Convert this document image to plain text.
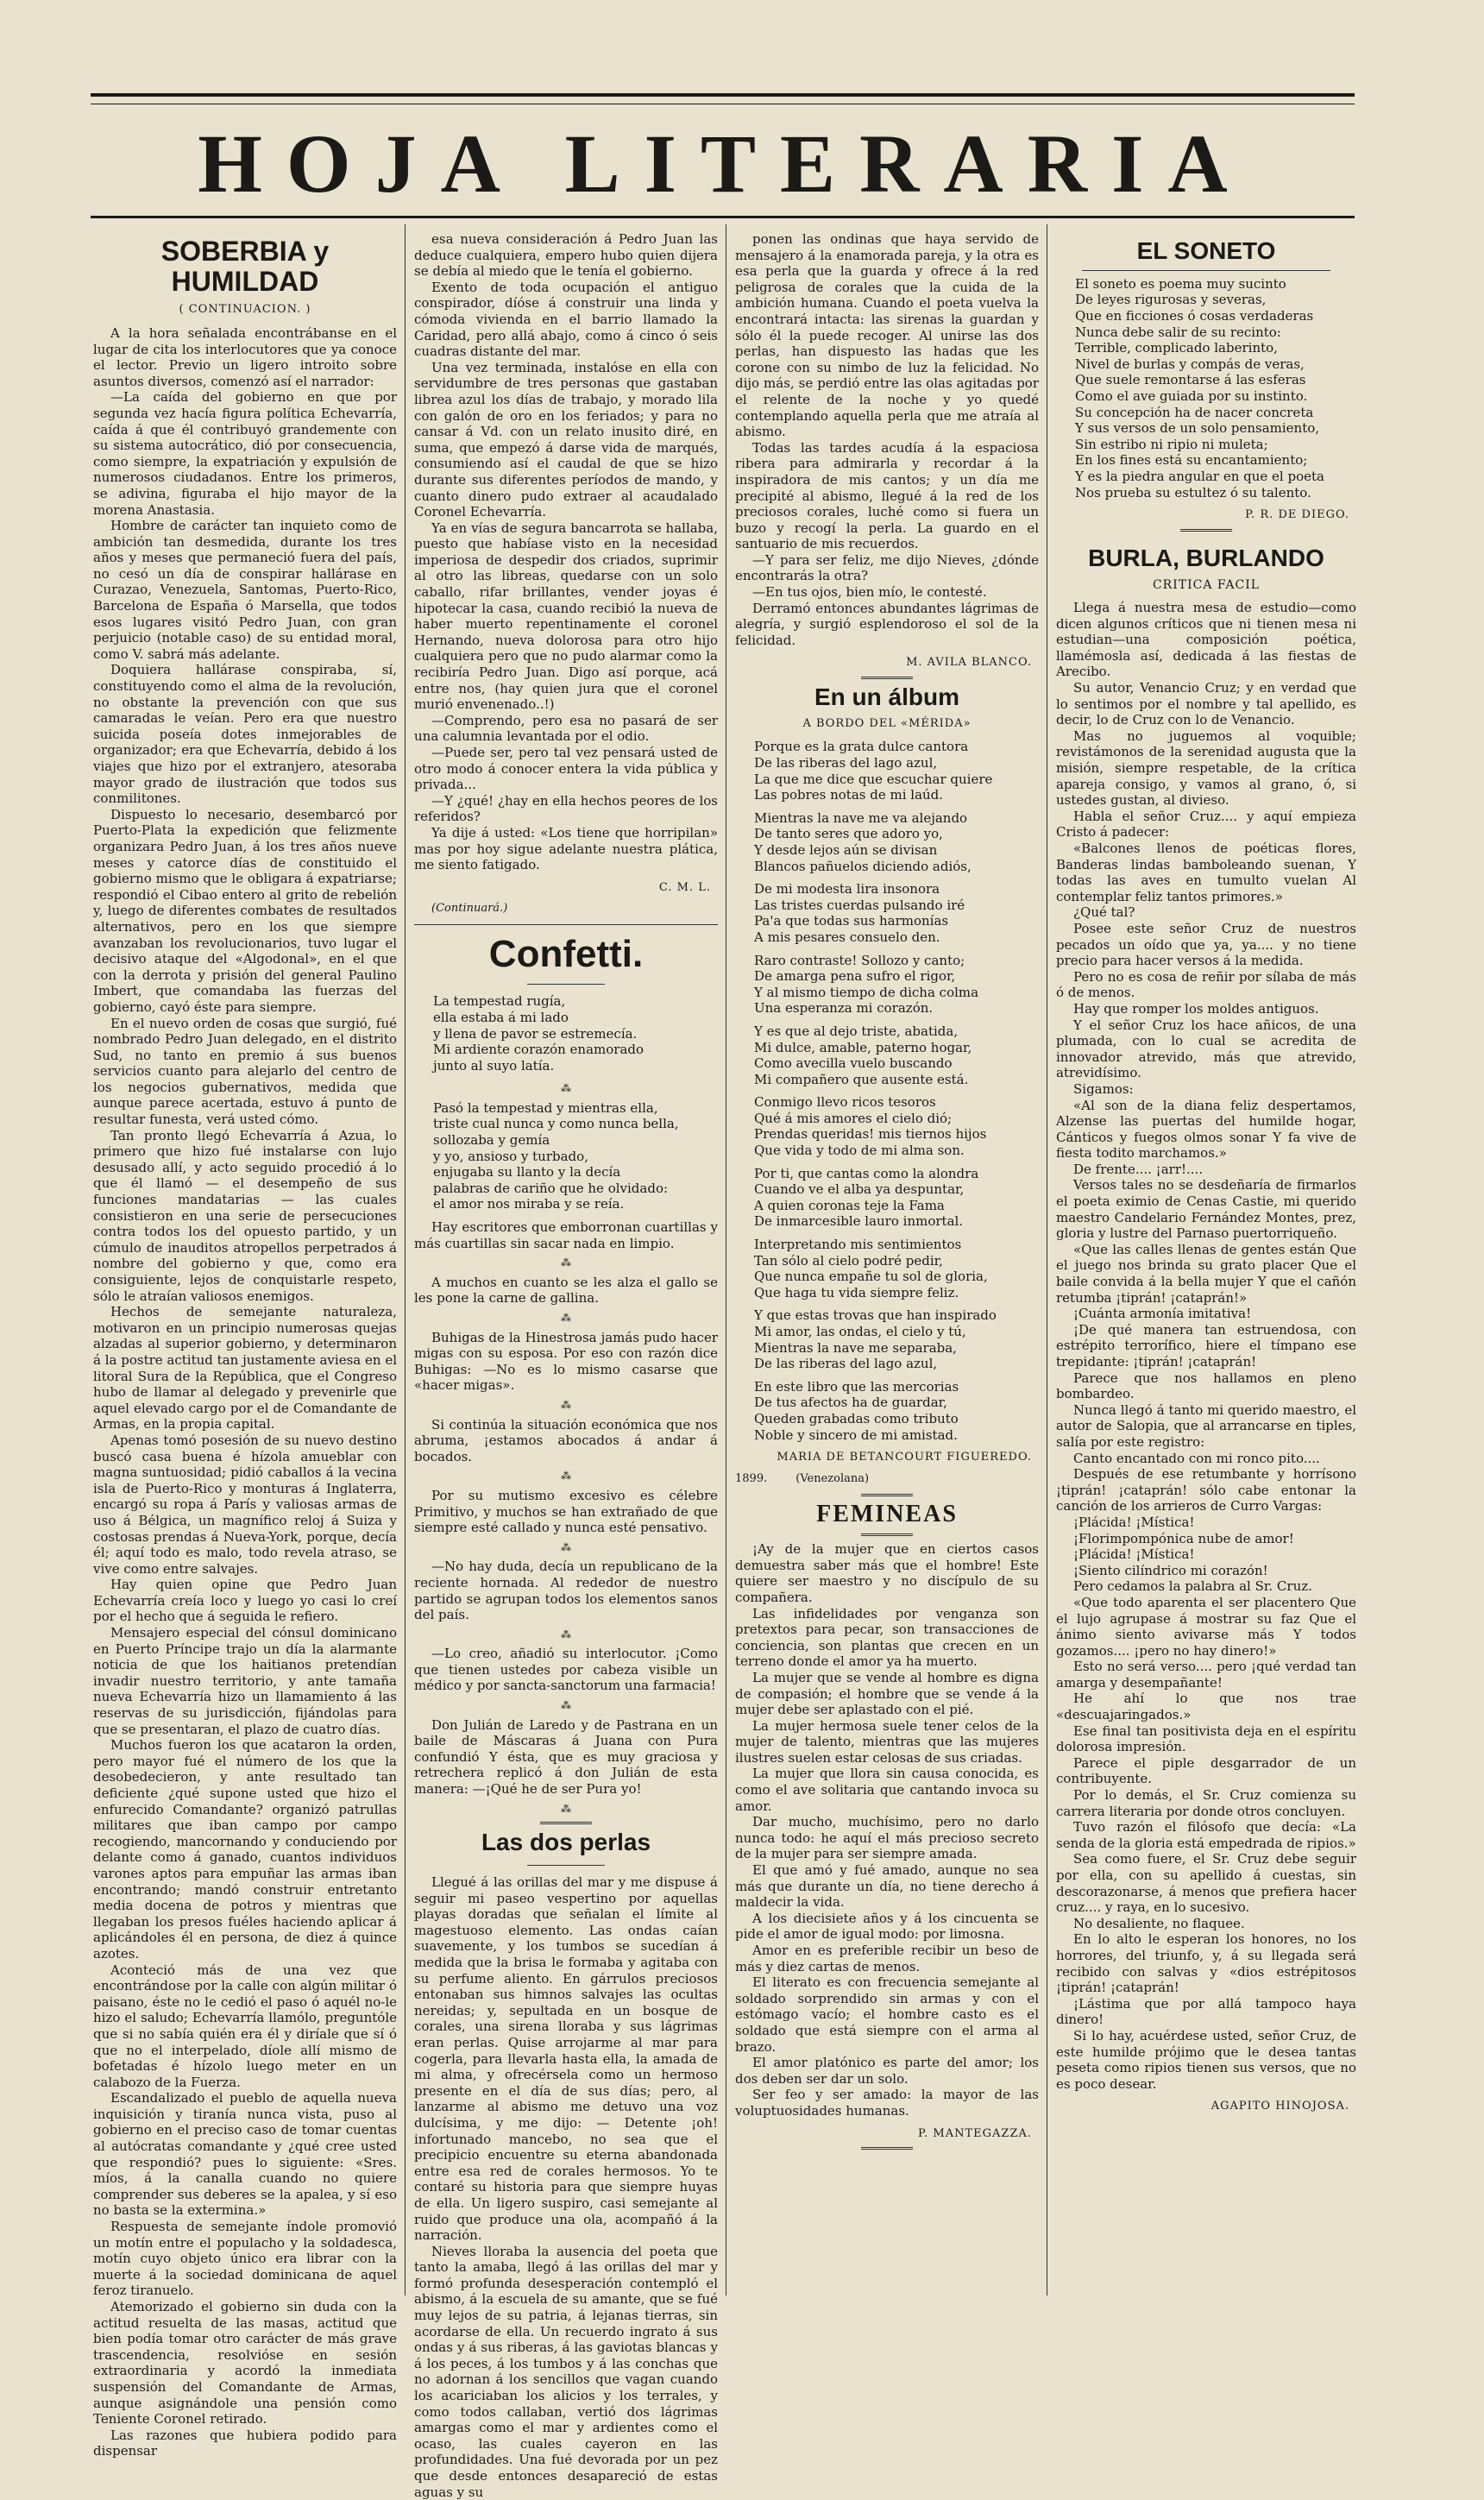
HOJA LITERARIA
SOBERBIA y HUMILDAD
( CONTINUACION. )

A la hora señalada encontrábanse en el lugar de cita los interlocutores que ya conoce el lector. Previo un ligero introito sobre asuntos diversos, comenzó así el narrador:

—La caída del gobierno en que por segunda vez hacía figura política Echevarría, caída á que él contribuyó grandemente con su sistema autocrático, dió por consecuencia, como siempre, la expatriación y expulsión de numerosos ciudadanos. Entre los primeros, se adivina, figuraba el hijo mayor de la morena Anastasia.

Hombre de carácter tan inquieto como de ambición tan desmedida, durante los tres años y meses que permaneció fuera del país, no cesó un día de conspirar hallárase en Curazao, Venezuela, Santomas, Puerto-Rico, Barcelona de España ó Marsella, que todos esos lugares visitó Pedro Juan, con gran perjuicio (notable caso) de su entidad moral, como V. sabrá más adelante.

Doquiera hallárase conspiraba, sí, constituyendo como el alma de la revolución, no obstante la prevención con que sus camaradas le veían. Pero era que nuestro suicida poseía dotes inmejorables de organizador; era que Echevarría, debido á los viajes que hizo por el extranjero, atesoraba mayor grado de ilustración que todos sus conmilitones.

Dispuesto lo necesario, desembarcó por Puerto-Plata la expedición que felizmente organizara Pedro Juan, á los tres años nueve meses y catorce días de constituido el gobierno mismo que le obligara á expatriarse; respondió el Cibao entero al grito de rebelión y, luego de diferentes combates de resultados alternativos, pero en los que siempre avanzaban los revolucionarios, tuvo lugar el decisivo ataque del «Algodonal», en el que con la derrota y prisión del general Paulino Imbert, que comandaba las fuerzas del gobierno, cayó éste para siempre.

En el nuevo orden de cosas que surgió, fué nombrado Pedro Juan delegado, en el distrito Sud, no tanto en premio á sus buenos servicios cuanto para alejarlo del centro de los negocios gubernativos, medida que aunque parece acertada, estuvo á punto de resultar funesta, verá usted cómo.

Tan pronto llegó Echevarría á Azua, lo primero que hizo fué instalarse con lujo desusado allí, y acto seguido procedió á lo que él llamó — el desempeño de sus funciones mandatarias — las cuales consistieron en una serie de persecuciones contra todos los del opuesto partido, y un cúmulo de inauditos atropellos perpetrados á nombre del gobierno y que, como era consiguiente, lejos de conquistarle respeto, sólo le atraían valiosos enemigos.

Hechos de semejante naturaleza, motivaron en un principio numerosas quejas alzadas al superior gobierno, y determinaron á la postre actitud tan justamente aviesa en el litoral Sura de la República, que el Congreso hubo de llamar al delegado y prevenirle que aquel elevado cargo por el de Comandante de Armas, en la propia capital.

Apenas tomó posesión de su nuevo destino buscó casa buena é hízola amueblar con magna suntuosidad; pidió caballos á la vecina isla de Puerto-Rico y monturas á Inglaterra, encargó su ropa á París y valiosas armas de uso á Bélgica, un magnífico reloj á Suiza y costosas prendas á Nueva-York, porque, decía él; aquí todo es malo, todo revela atraso, se vive como entre salvajes.

Hay quien opine que Pedro Juan Echevarría creía loco y luego yo casi lo creí por el hecho que á seguida le refiero.

Mensajero especial del cónsul dominicano en Puerto Príncipe trajo un día la alarmante noticia de que los haitianos pretendían invadir nuestro territorio, y ante tamaña nueva Echevarría hizo un llamamiento á las reservas de su jurisdicción, fijándolas para que se presentaran, el plazo de cuatro días.

Muchos fueron los que acataron la orden, pero mayor fué el número de los que la desobedecieron, y ante resultado tan deficiente ¿qué supone usted que hizo el enfurecido Comandante? organizó patrullas militares que iban campo por campo recogiendo, mancornando y conduciendo por delante como á ganado, cuantos individuos varones aptos para empuñar las armas iban encontrando; mandó construir entretanto media docena de potros y mientras que llegaban los presos fuéles haciendo aplicar á aplicándoles él en persona, de diez á quince azotes.

Aconteció más de una vez que encontrándose por la calle con algún militar ó paisano, éste no le cedió el paso ó aquél no-le hizo el saludo; Echevarría llamólo, preguntóle que si no sabía quién era él y diríale que sí ó que no el interpelado, díole allí mismo de bofetadas é hízolo luego meter en un calabozo de la Fuerza.

Escandalizado el pueblo de aquella nueva inquisición y tiranía nunca vista, puso al gobierno en el preciso caso de tomar cuentas al autócratas comandante y ¿qué cree usted que respondió? pues lo siguiente: «Sres. míos, á la canalla cuando no quiere comprender sus deberes se la apalea, y sí eso no basta se la extermina.»

Respuesta de semejante índole promovió un motín entre el populacho y la soldadesca, motín cuyo objeto único era librar con la muerte á la sociedad dominicana de aquel feroz tiranuelo.

Atemorizado el gobierno sin duda con la actitud resuelta de las masas, actitud que bien podía tomar otro carácter de más grave trascendencia, resolvióse en sesión extraordinaria y acordó la inmediata suspensión del Comandante de Armas, aunque asignándole una pensión como Teniente Coronel retirado.

Las razones que hubiera podido para dispensar

esa nueva consideración á Pedro Juan las deduce cualquiera, empero hubo quien dijera se debía al miedo que le tenía el gobierno.

Exento de toda ocupación el antiguo conspirador, díóse á construir una linda y cómoda vivienda en el barrio llamado la Caridad, pero allá abajo, como á cinco ó seis cuadras distante del mar.

Una vez terminada, instalóse en ella con servidumbre de tres personas que gastaban librea azul los días de trabajo, y morado lila con galón de oro en los feriados; y para no cansar á Vd. con un relato inusito diré, en suma, que empezó á darse vida de marqués, consumiendo así el caudal de que se hizo durante sus diferentes períodos de mando, y cuanto dinero pudo extraer al acaudalado Coronel Echevarría.

Ya en vías de segura bancarrota se hallaba, puesto que habíase visto en la necesidad imperiosa de despedir dos criados, suprimir al otro las libreas, quedarse con un solo caballo, rifar brillantes, vender joyas é hipotecar la casa, cuando recibió la nueva de haber muerto repentinamente el coronel Hernando, nueva dolorosa para otro hijo cualquiera pero que no pudo alarmar como la recibiría Pedro Juan. Digo así porque, acá entre nos, (hay quien jura que el coronel murió envenenado..!)

—Comprendo, pero esa no pasará de ser una calumnia levantada por el odio.

—Puede ser, pero tal vez pensará usted de otro modo á conocer entera la vida pública y privada...

—Y ¿qué! ¿hay en ella hechos peores de los referidos?

Ya dije á usted: «Los tiene que horripilan» mas por hoy sigue adelante nuestra plática, me siento fatigado.

C. M. L.
(Continuará.)
Confetti.

La tempestad rugía,

ella estaba á mi lado

y llena de pavor se estremecía.

Mi ardiente corazón enamorado

junto al suyo latía.

⁂

Pasó la tempestad y mientras ella,

triste cual nunca y como nunca bella,

sollozaba y gemía

y yo, ansioso y turbado,

enjugaba su llanto y la decía

palabras de cariño que he olvidado:

el amor nos miraba y se reía.

Hay escritores que emborronan cuartillas y más cuartillas sin sacar nada en limpio.

⁂

A muchos en cuanto se les alza el gallo se les pone la carne de gallina.

⁂

Buhigas de la Hinestrosa jamás pudo hacer migas con su esposa. Por eso con razón dice Buhigas: —No es lo mismo casarse que «hacer migas».

⁂

Si continúa la situación económica que nos abruma, ¡estamos abocados á andar á bocados.

⁂

Por su mutismo excesivo es célebre Primitivo, y muchos se han extrañado de que siempre esté callado y nunca esté pensativo.

⁂

—No hay duda, decía un republicano de la reciente hornada. Al rededor de nuestro partido se agrupan todos los elementos sanos del país.

⁂

—Lo creo, añadió su interlocutor. ¡Como que tienen ustedes por cabeza visible un médico y por sancta-sanctorum una farmacia!

⁂

Don Julián de Laredo y de Pastrana en un baile de Máscaras á Juana con Pura confundió Y ésta, que es muy graciosa y retrechera replicó á don Julián de esta manera: —¡Qué he de ser Pura yo!

⁂
Las dos perlas

Llegué á las orillas del mar y me dispuse á seguir mi paseo vespertino por aquellas playas doradas que señalan el límite al magestuoso elemento. Las ondas caían suavemente, y los tumbos se sucedían á medida que la brisa le formaba y agitaba con su perfume aliento. En gárrulos preciosos entonaban sus himnos salvajes las ocultas nereidas; y, sepultada en un bosque de corales, una sirena lloraba y sus lágrimas eran perlas. Quise arrojarme al mar para cogerla, para llevarla hasta ella, la amada de mi alma, y ofrecérsela como un hermoso presente en el día de sus días; pero, al lanzarme al abismo me detuvo una voz dulcísima, y me dijo: — Detente ¡oh! infortunado mancebo, no sea que el precipicio encuentre su eterna abandonada entre esa red de corales hermosos. Yo te contaré su historia para que siempre huyas de ella. Un ligero suspiro, casi semejante al ruido que produce una ola, acompañó á la narración.

Nieves lloraba la ausencia del poeta que tanto la amaba, llegó á las orillas del mar y formó profunda desesperación contempló el abismo, á la escuela de su amante, que se fué muy lejos de su patria, á lejanas tierras, sin acordarse de ella. Un recuerdo ingrato á sus ondas y á sus riberas, á las gaviotas blancas y á los peces, á los tumbos y á las conchas que no adornan á los sencillos que vagan cuando los acariciaban los alicios y los terrales, y como todos callaban, vertió dos lágrimas amargas como el mar y ardientes como el ocaso, las cuales cayeron en las profundidades. Una fué devorada por un pez que desde entonces desapareció de estas aguas y su

ponen las ondinas que haya servido de mensajero á la enamorada pareja, y la otra es esa perla que la guarda y ofrece á la red peligrosa de corales que la cuida de la ambición humana. Cuando el poeta vuelva la encontrará intacta: las sirenas la guardan y sólo él la puede recoger. Al unirse las dos perlas, han dispuesto las hadas que les corone con su nimbo de luz la felicidad. No dijo más, se perdió entre las olas agitadas por el relente de la noche y yo quedé contemplando aquella perla que me atraía al abismo.

Todas las tardes acudía á la espaciosa ribera para admirarla y recordar á la inspiradora de mis cantos; y un día me precipité al abismo, llegué á la red de los preciosos corales, luché como si fuera un buzo y recogí la perla. La guardo en el santuario de mis recuerdos.

—Y para ser feliz, me dijo Nieves, ¿dónde encontrarás la otra?

—En tus ojos, bien mío, le contesté.

Derramó entonces abundantes lágrimas de alegría, y surgió esplendoroso el sol de la felicidad.

M. AVILA BLANCO.
En un álbum
A BORDO DEL «MÉRIDA»

Porque es la grata dulce cantora

De las riberas del lago azul,

La que me dice que escuchar quiere

Las pobres notas de mi laúd.

Mientras la nave me va alejando

De tanto seres que adoro yo,

Y desde lejos aún se divisan

Blancos pañuelos diciendo adiós,

De mi modesta lira insonora

Las tristes cuerdas pulsando iré

Pa'a que todas sus harmonías

A mis pesares consuelo den.

Raro contraste! Sollozo y canto;

De amarga pena sufro el rigor,

Y al mismo tiempo de dicha colma

Una esperanza mi corazón.

Y es que al dejo triste, abatida,

Mi dulce, amable, paterno hogar,

Como avecilla vuelo buscando

Mi compañero que ausente está.

Conmigo llevo ricos tesoros

Qué á mis amores el cielo dió;

Prendas queridas! mis tiernos hijos

Que vida y todo de mi alma son.

Por ti, que cantas como la alondra

Cuando ve el alba ya despuntar,

A quien coronas teje la Fama

De inmarcesible lauro inmortal.

Interpretando mis sentimientos

Tan sólo al cielo podré pedir,

Que nunca empañe tu sol de gloria,

Que haga tu vida siempre feliz.

Y que estas trovas que han inspirado

Mi amor, las ondas, el cielo y tú,

Mientras la nave me separaba,

De las riberas del lago azul,

En este libro que las mercorias

De tus afectos ha de guardar,

Queden grabadas como tributo

Noble y sincero de mi amistad.

MARIA DE BETANCOURT FIGUEREDO.
1899.	(Venezolana)
FEMINEAS

¡Ay de la mujer que en ciertos casos demuestra saber más que el hombre! Este quiere ser maestro y no discípulo de su compañera.

Las infidelidades por venganza son pretextos para pecar, son transacciones de conciencia, son plantas que crecen en un terreno donde el amor ya ha muerto.

La mujer que se vende al hombre es digna de compasión; el hombre que se vende á la mujer debe ser aplastado con el pié.

La mujer hermosa suele tener celos de la mujer de talento, mientras que las mujeres ilustres suelen estar celosas de sus criadas.

La mujer que llora sin causa conocida, es como el ave solitaria que cantando invoca su amor.

Dar mucho, muchísimo, pero no darlo nunca todo: he aquí el más precioso secreto de la mujer para ser siempre amada.

El que amó y fué amado, aunque no sea más que durante un día, no tiene derecho á maldecir la vida.

A los diecisiete años y á los cincuenta se pide el amor de igual modo: por limosna.

Amor en es preferible recibir un beso de más y diez cartas de menos.

El literato es con frecuencia semejante al soldado sorprendido sin armas y con el estómago vacío; el hombre casto es el soldado que está siempre con el arma al brazo.

El amor platónico es parte del amor; los dos deben ser dar un solo.

Ser feo y ser amado: la mayor de las voluptuosidades humanas.

P. MANTEGAZZA.
EL SONETO

El soneto es poema muy sucinto

De leyes rigurosas y severas,

Que en ficciones ó cosas verdaderas

Nunca debe salir de su recinto:

Terrible, complicado laberinto,

Nivel de burlas y compás de veras,

Que suele remontarse á las esferas

Como el ave guiada por su instinto.

Su concepción ha de nacer concreta

Y sus versos de un solo pensamiento,

Sin estribo ni ripio ni muleta;

En los fines está su encantamiento;

Y es la piedra angular en que el poeta

Nos prueba su estultez ó su talento.

P. R. DE DIEGO.
BURLA, BURLANDO
CRITICA FACIL

Llega á nuestra mesa de estudio—como dicen algunos críticos que ni tienen mesa ni estudian—una composición poética, llamémosla así, dedicada á las fiestas de Arecibo.

Su autor, Venancio Cruz; y en verdad que lo sentimos por el nombre y tal apellido, es decir, lo de Cruz con lo de Venancio.

Mas no juguemos al voquible; revistámonos de la serenidad augusta que la misión, siempre respetable, de la crítica apareja consigo, y vamos al grano, ó, si ustedes gustan, al divieso.

Habla el señor Cruz.... y aquí empieza Cristo á padecer:

«Balcones llenos de poéticas flores, Banderas lindas bamboleando suenan, Y todas las aves en tumulto vuelan Al contemplar feliz tantos primores.»

¿Qué tal?

Posee este señor Cruz de nuestros pecados un oído que ya, ya.... y no tiene precio para hacer versos á la medida.

Pero no es cosa de reñir por sílaba de más ó de menos.

Hay que romper los moldes antiguos.

Y el señor Cruz los hace añicos, de una plumada, con lo cual se acredita de innovador atrevido, más que atrevido, atrevidísimo.

Sigamos:

«Al son de la diana feliz despertamos, Alzense las puertas del humilde hogar, Cánticos y fuegos olmos sonar Y fa vive de fiesta todito marchamos.»

De frente.... ¡arr!....

Versos tales no se desdeñaría de firmarlos el poeta eximio de Cenas Castie, mi querido maestro Candelario Fernández Montes, prez, gloria y lustre del Parnaso puertorriqueño.

«Que las calles llenas de gentes están Que el juego nos brinda su grato placer Que el baile convida á la bella mujer Y que el cañón retumba ¡tiprán! ¡cataprán!»

¡Cuánta armonía imitativa!

¡De qué manera tan estruendosa, con estrépito terrorífico, hiere el tímpano ese trepidante: ¡tiprán! ¡cataprán!

Parece que nos hallamos en pleno bombardeo.

Nunca llegó á tanto mi querido maestro, el autor de Salopia, que al arrancarse en tiples, salía por este registro:

Canto encantado con mi ronco pito....

Después de ese retumbante y horrísono ¡tiprán! ¡cataprán! sólo cabe entonar la canción de los arrieros de Curro Vargas:

¡Plácida! ¡Mística!

¡Florimpompónica nube de amor!

¡Plácida! ¡Mística!

¡Siento cilíndrico mi corazón!

Pero cedamos la palabra al Sr. Cruz.

«Que todo aparenta el ser placentero Que el lujo agrupase á mostrar su faz Que el ánimo siento avivarse más Y todos gozamos.... ¡pero no hay dinero!»

Esto no será verso.... pero ¡qué verdad tan amarga y desempañante!

He ahí lo que nos trae «descuajaringados.»

Ese final tan positivista deja en el espíritu dolorosa impresión.

Parece el piple desgarrador de un contribuyente.

Por lo demás, el Sr. Cruz comienza su carrera literaria por donde otros concluyen.

Tuvo razón el filósofo que decía: «La senda de la gloria está empedrada de ripios.»

Sea como fuere, el Sr. Cruz debe seguir por ella, con su apellido á cuestas, sin descorazonarse, á menos que prefiera hacer cruz.... y raya, en lo sucesivo.

No desaliente, no flaquee.

En lo alto le esperan los honores, no los horrores, del triunfo, y, á su llegada será recibido con salvas y «dios estrépitosos ¡tiprán! ¡cataprán!

¡Lástima que por allá tampoco haya dinero!

Si lo hay, acuérdese usted, señor Cruz, de este humilde prójimo que le desea tantas peseta como ripios tienen sus versos, que no es poco desear.

AGAPITO HINOJOSA.
